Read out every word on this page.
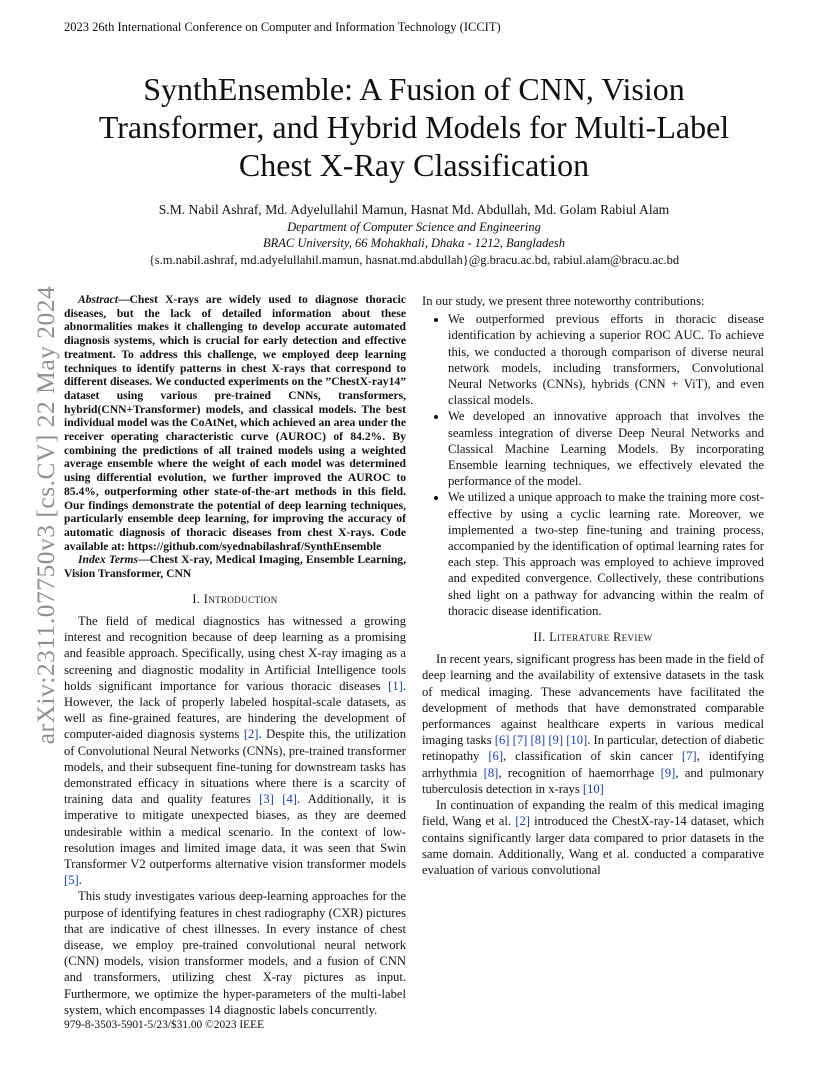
2023 26th International Conference on Computer and Information Technology (ICCIT)
arXiv:2311.07750v3 [cs.CV] 22 May 2024
SynthEnsemble: A Fusion of CNN, Vision Transformer, and Hybrid Models for Multi-Label Chest X-Ray Classification
S.M. Nabil Ashraf, Md. Adyelullahil Mamun, Hasnat Md. Abdullah, Md. Golam Rabiul Alam
Department of Computer Science and Engineering
BRAC University, 66 Mohakhali, Dhaka - 1212, Bangladesh
{s.m.nabil.ashraf, md.adyelullahil.mamun, hasnat.md.abdullah}@g.bracu.ac.bd, rabiul.alam@bracu.ac.bd

Abstract—Chest X-rays are widely used to diagnose thoracic diseases, but the lack of detailed information about these abnormalities makes it challenging to develop accurate automated diagnosis systems, which is crucial for early detection and effective treatment. To address this challenge, we employed deep learning techniques to identify patterns in chest X-rays that correspond to different diseases. We conducted experiments on the ”ChestX-ray14” dataset using various pre-trained CNNs, transformers, hybrid(CNN+Transformer) models, and classical models. The best individual model was the CoAtNet, which achieved an area under the receiver operating characteristic curve (AUROC) of 84.2%. By combining the predictions of all trained models using a weighted average ensemble where the weight of each model was determined using differential evolution, we further improved the AUROC to 85.4%, outperforming other state-of-the-art methods in this field. Our findings demonstrate the potential of deep learning techniques, particularly ensemble deep learning, for improving the accuracy of automatic diagnosis of thoracic diseases from chest X-rays. Code available at: https://github.com/syednabilashraf/SynthEnsemble

Index Terms—Chest X-ray, Medical Imaging, Ensemble Learning, Vision Transformer, CNN

I. Introduction

The field of medical diagnostics has witnessed a growing interest and recognition because of deep learning as a promising and feasible approach. Specifically, using chest X-ray imaging as a screening and diagnostic modality in Artificial Intelligence tools holds significant importance for various thoracic diseases [1]. However, the lack of properly labeled hospital-scale datasets, as well as fine-grained features, are hindering the development of computer-aided diagnosis systems [2]. Despite this, the utilization of Convolutional Neural Networks (CNNs), pre-trained transformer models, and their subsequent fine-tuning for downstream tasks has demonstrated efficacy in situations where there is a scarcity of training data and quality features [3] [4]. Additionally, it is imperative to mitigate unexpected biases, as they are deemed undesirable within a medical scenario. In the context of low-resolution images and limited image data, it was seen that Swin Transformer V2 outperforms alternative vision transformer models [5].

This study investigates various deep-learning approaches for the purpose of identifying features in chest radiography (CXR) pictures that are indicative of chest illnesses. In every instance of chest disease, we employ pre-trained convolutional neural network (CNN) models, vision transformer models, and a fusion of CNN and transformers, utilizing chest X-ray pictures as input. Furthermore, we optimize the hyper-parameters of the multi-label system, which encompasses 14 diagnostic labels concurrently.

In our study, we present three noteworthy contributions:

• We outperformed previous efforts in thoracic disease identification by achieving a superior ROC AUC. To achieve this, we conducted a thorough comparison of diverse neural network models, including transformers, Convolutional Neural Networks (CNNs), hybrids (CNN + ViT), and even classical models.
• We developed an innovative approach that involves the seamless integration of diverse Deep Neural Networks and Classical Machine Learning Models. By incorporating Ensemble learning techniques, we effectively elevated the performance of the model.
• We utilized a unique approach to make the training more cost-effective by using a cyclic learning rate. Moreover, we implemented a two-step fine-tuning and training process, accompanied by the identification of optimal learning rates for each step. This approach was employed to achieve improved and expedited convergence. Collectively, these contributions shed light on a pathway for advancing within the realm of thoracic disease identification.
II. Literature Review

In recent years, significant progress has been made in the field of deep learning and the availability of extensive datasets in the task of medical imaging. These advancements have facilitated the development of methods that have demonstrated comparable performances against healthcare experts in various medical imaging tasks [6] [7] [8] [9] [10]. In particular, detection of diabetic retinopathy [6], classification of skin cancer [7], identifying arrhythmia [8], recognition of haemorrhage [9], and pulmonary tuberculosis detection in x-rays [10]

In continuation of expanding the realm of this medical imaging field, Wang et al. [2] introduced the ChestX-ray-14 dataset, which contains significantly larger data compared to prior datasets in the same domain. Additionally, Wang et al. conducted a comparative evaluation of various convolutional

979-8-3503-5901-5/23/$31.00 ©2023 IEEE
